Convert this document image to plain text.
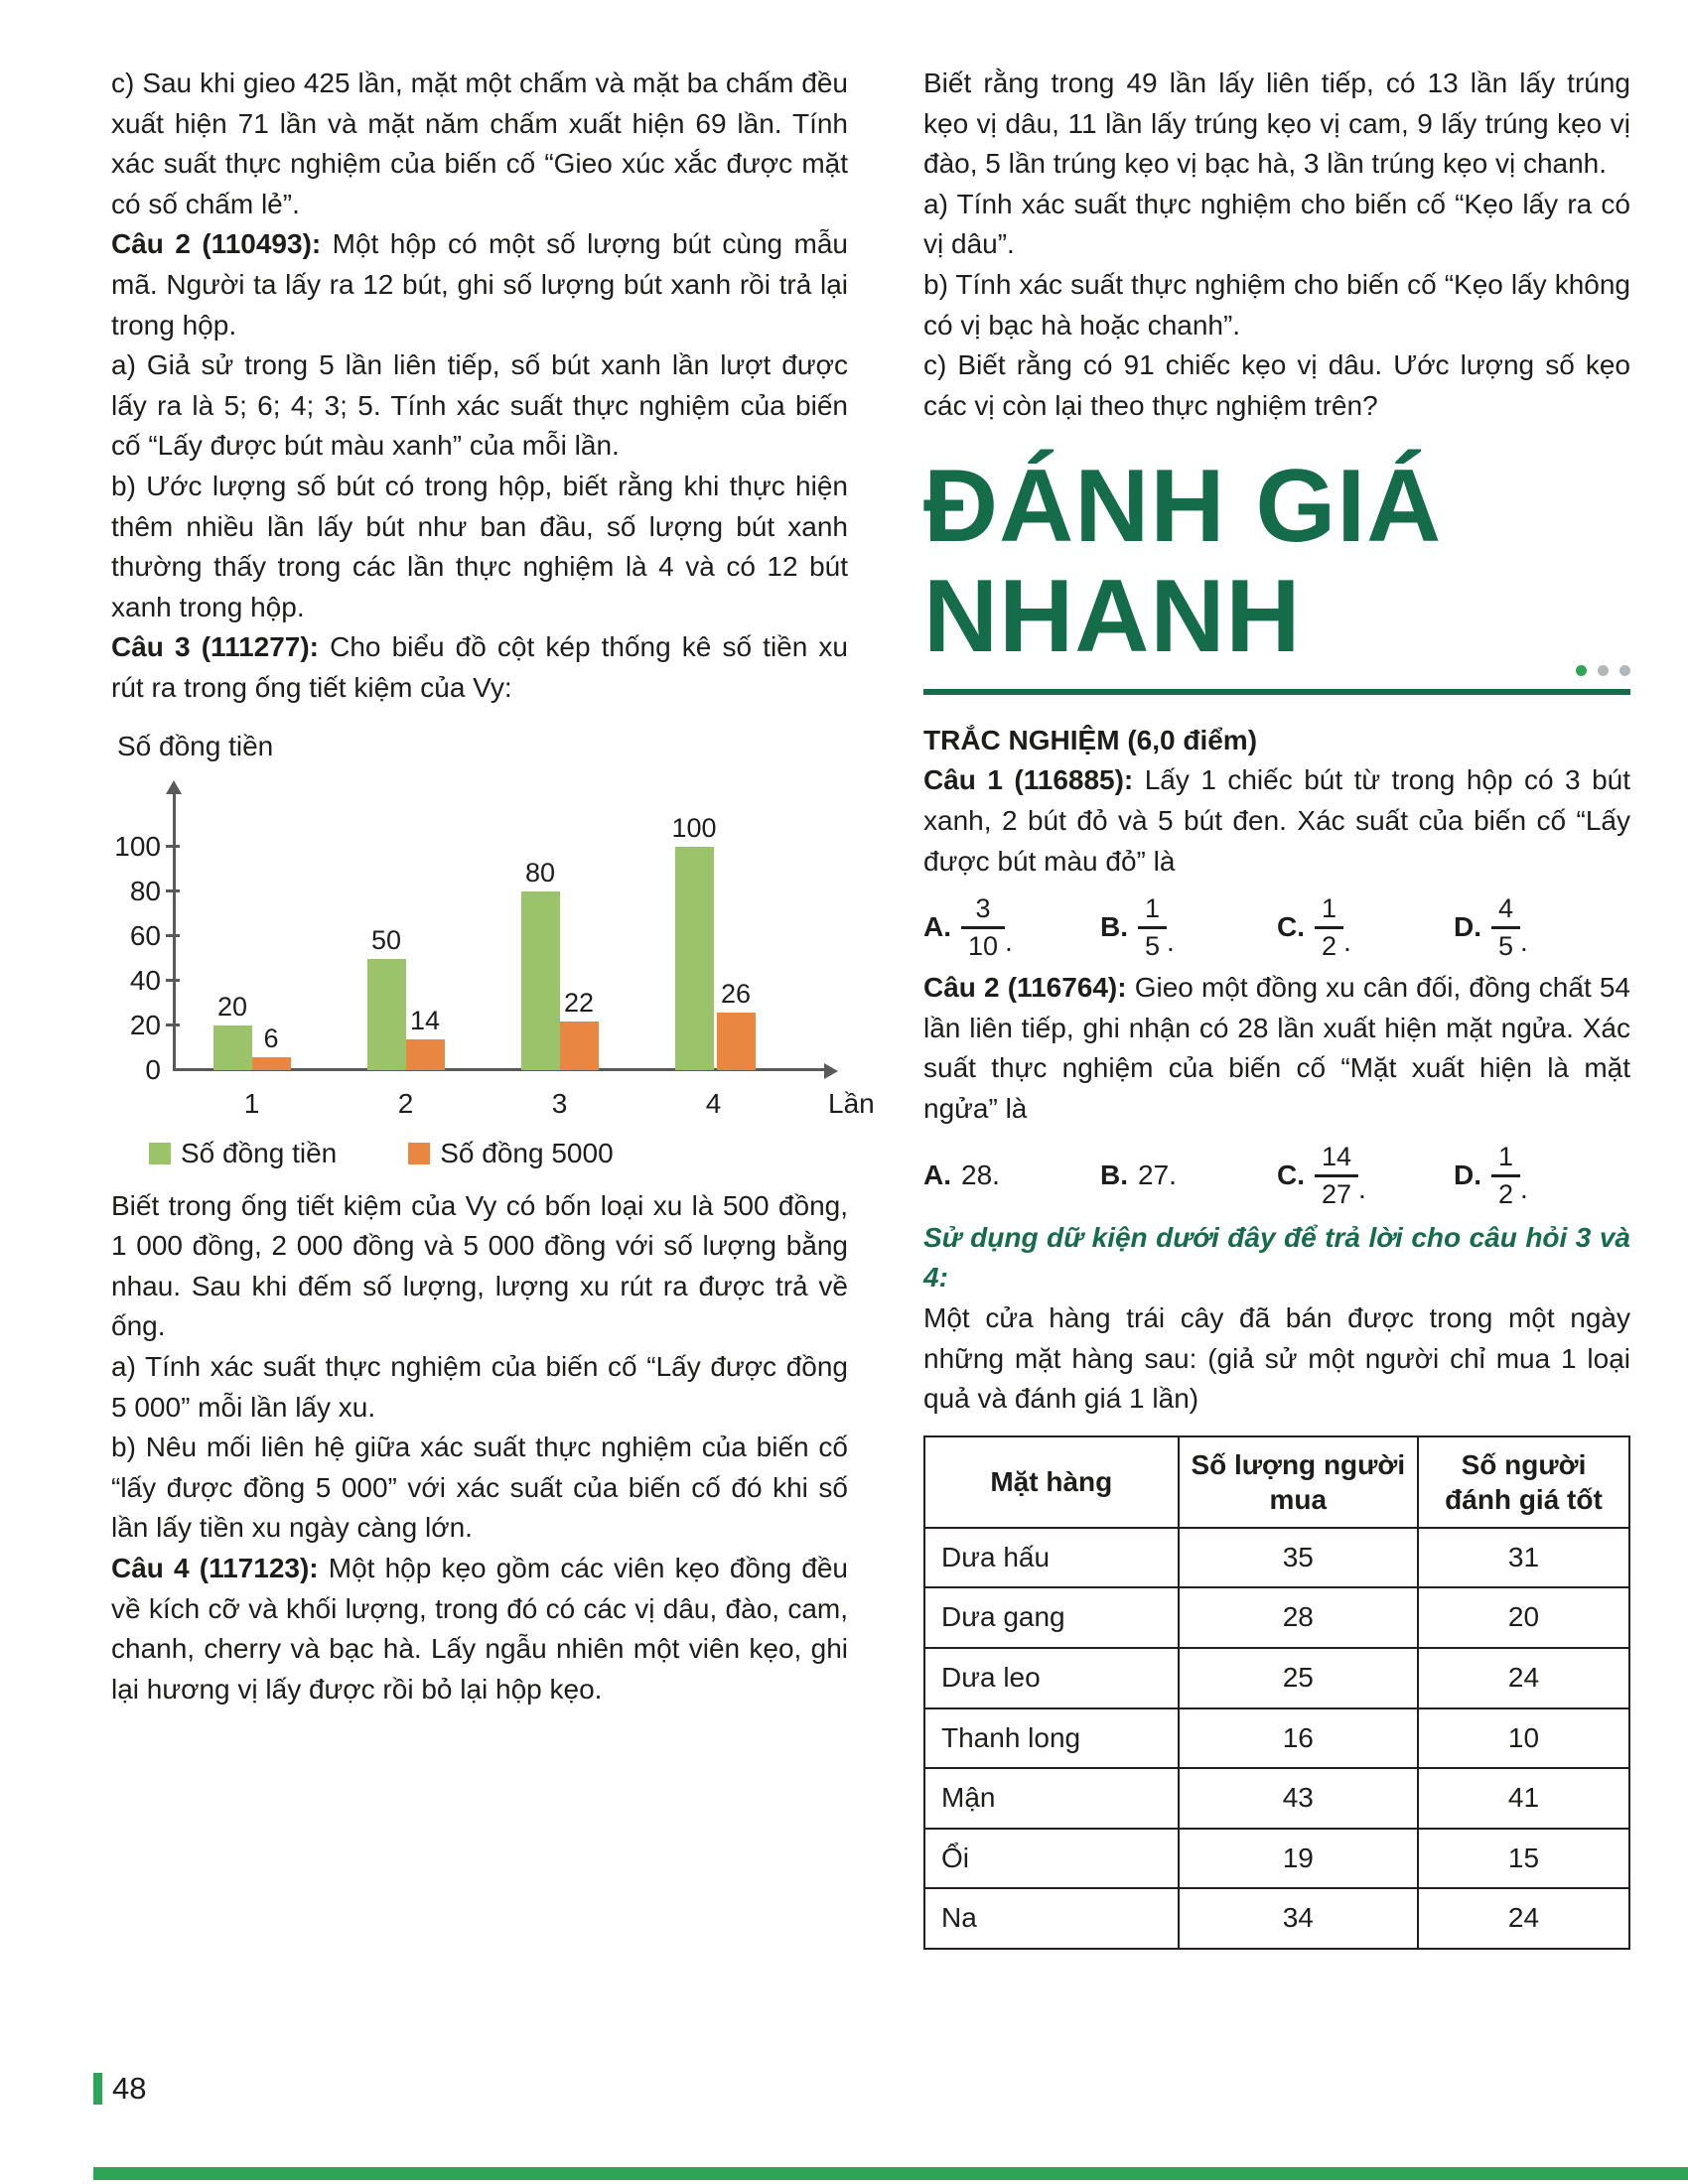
c) Sau khi gieo 425 lần, mặt một chấm và mặt ba chấm đều xuất hiện 71 lần và mặt năm chấm xuất hiện 69 lần. Tính xác suất thực nghiệm của biến cố “Gieo xúc xắc được mặt có số chấm lẻ”.

Câu 2 (110493): Một hộp có một số lượng bút cùng mẫu mã. Người ta lấy ra 12 bút, ghi số lượng bút xanh rồi trả lại trong hộp.

a) Giả sử trong 5 lần liên tiếp, số bút xanh lần lượt được lấy ra là 5; 6; 4; 3; 5. Tính xác suất thực nghiệm của biến cố “Lấy được bút màu xanh” của mỗi lần.

b) Ước lượng số bút có trong hộp, biết rằng khi thực hiện thêm nhiều lần lấy bút như ban đầu, số lượng bút xanh thường thấy trong các lần thực nghiệm là 4 và có 12 bút xanh trong hộp.

Câu 3 (111277): Cho biểu đồ cột kép thống kê số tiền xu rút ra trong ống tiết kiệm của Vy:

Số đồng tiền
Lần
0
20
40
60
80
100
20
6
1
50
14
2
80
22
3
100
26
4
Số đồng tiền	Số đồng 5000

Biết trong ống tiết kiệm của Vy có bốn loại xu là 500 đồng, 1 000 đồng, 2 000 đồng và 5 000 đồng với số lượng bằng nhau. Sau khi đếm số lượng, lượng xu rút ra được trả về ống.

a) Tính xác suất thực nghiệm của biến cố “Lấy được đồng 5 000” mỗi lần lấy xu.

b) Nêu mối liên hệ giữa xác suất thực nghiệm của biến cố “lấy được đồng 5 000” với xác suất của biến cố đó khi số lần lấy tiền xu ngày càng lớn.

Câu 4 (117123): Một hộp kẹo gồm các viên kẹo đồng đều về kích cỡ và khối lượng, trong đó có các vị dâu, đào, cam, chanh, cherry và bạc hà. Lấy ngẫu nhiên một viên kẹo, ghi lại hương vị lấy được rồi bỏ lại hộp kẹo.

Biết rằng trong 49 lần lấy liên tiếp, có 13 lần lấy trúng kẹo vị dâu, 11 lần lấy trúng kẹo vị cam, 9 lấy trúng kẹo vị đào, 5 lần trúng kẹo vị bạc hà, 3 lần trúng kẹo vị chanh.

a) Tính xác suất thực nghiệm cho biến cố “Kẹo lấy ra có vị dâu”.

b) Tính xác suất thực nghiệm cho biến cố “Kẹo lấy không có vị bạc hà hoặc chanh”.

c) Biết rằng có 91 chiếc kẹo vị dâu. Ước lượng số kẹo các vị còn lại theo thực nghiệm trên?

ĐÁNH GIÁ
NHANH

TRẮC NGHIỆM (6,0 điểm)

Câu 1 (116885): Lấy 1 chiếc bút từ trong hộp có 3 bút xanh, 2 bút đỏ và 5 bút đen. Xác suất của biến cố “Lấy được bút màu đỏ” là

A. $\frac{3}{10}$ .	B. $\frac{1}{5}$ .	C. $\frac{1}{2}$ .	D. $\frac{4}{5}$ .

Câu 2 (116764): Gieo một đồng xu cân đối, đồng chất 54 lần liên tiếp, ghi nhận có 28 lần xuất hiện mặt ngửa. Xác suất thực nghiệm của biến cố “Mặt xuất hiện là mặt ngửa” là

A. 28.	B. 27.	C. $\frac{14}{27}$ .	D. $\frac{1}{2}$ .

Sử dụng dữ kiện dưới đây để trả lời cho câu hỏi 3 và 4:

Một cửa hàng trái cây đã bán được trong một ngày những mặt hàng sau: (giả sử một người chỉ mua 1 loại quả và đánh giá 1 lần)

Mặt hàng	Số lượng người mua	Số người đánh giá tốt
Dưa hấu	35	31
Dưa gang	28	20
Dưa leo	25	24
Thanh long	16	10
Mận	43	41
Ổi	19	15
Na	34	24
48
